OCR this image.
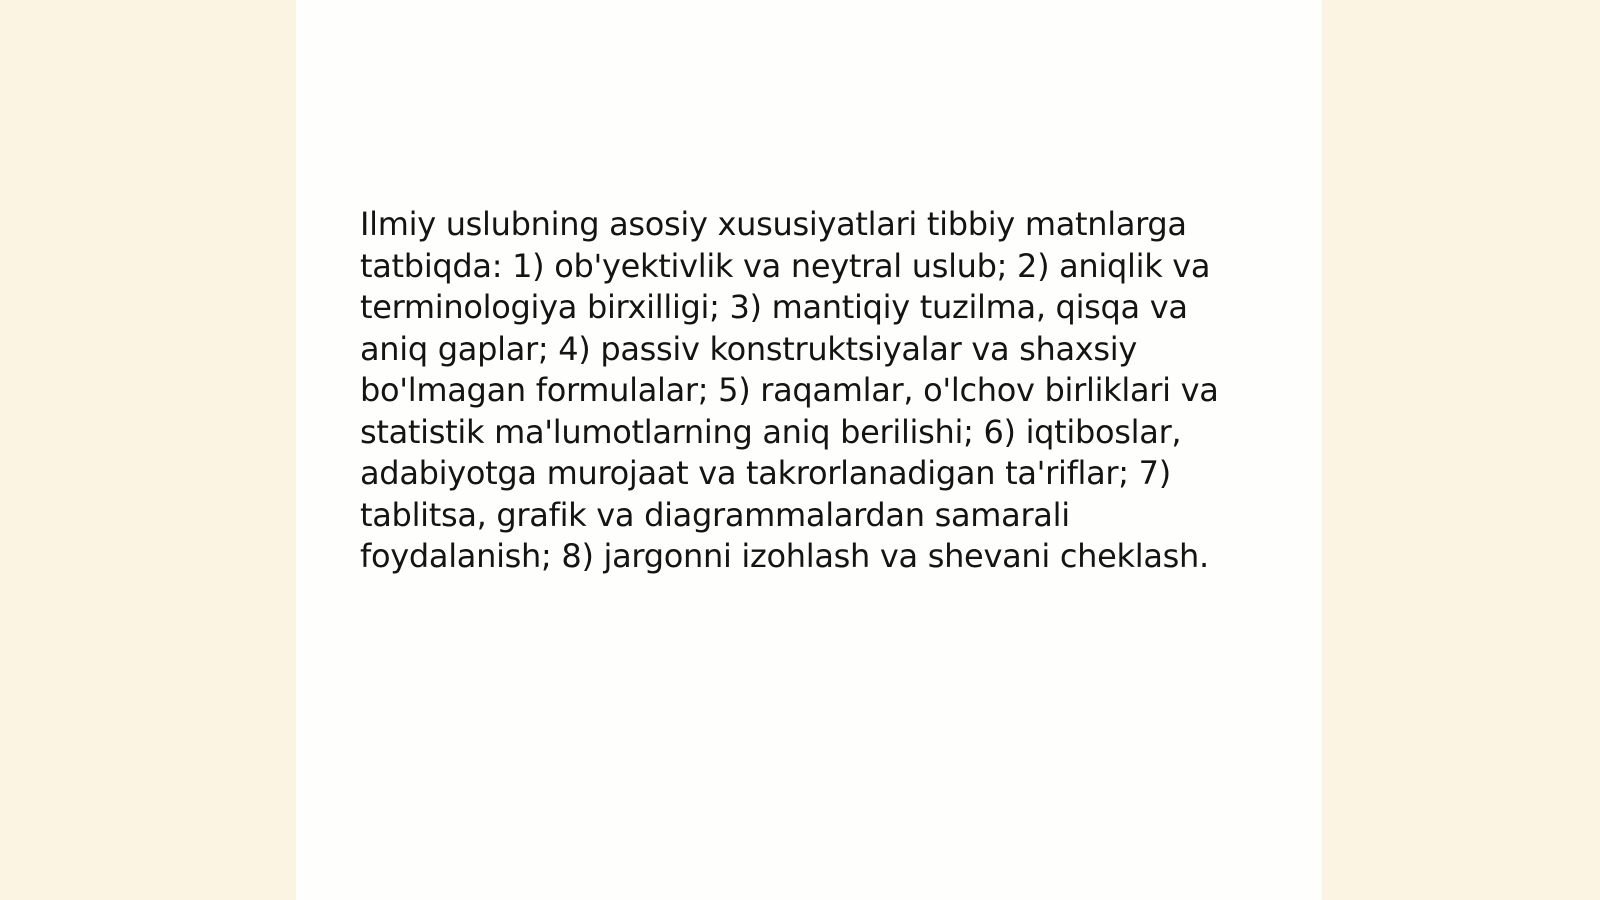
Ilmiy uslubning asosiy xususiyatlari tibbiy matnlarga tatbiqda: 1) ob'yektivlik va neytral uslub; 2) aniqlik va terminologiya birxilligi; 3) mantiqiy tuzilma, qisqa va aniq gaplar; 4) passiv konstruktsiyalar va shaxsiy bo'lmagan formulalar; 5) raqamlar, o'lchov birliklari va statistik ma'lumotlarning aniq berilishi; 6) iqtiboslar, adabiyotga murojaat va takrorlanadigan ta'riflar; 7) tablitsa, grafik va diagrammalardan samarali foydalanish; 8) jargonni izohlash va shevani cheklash.
